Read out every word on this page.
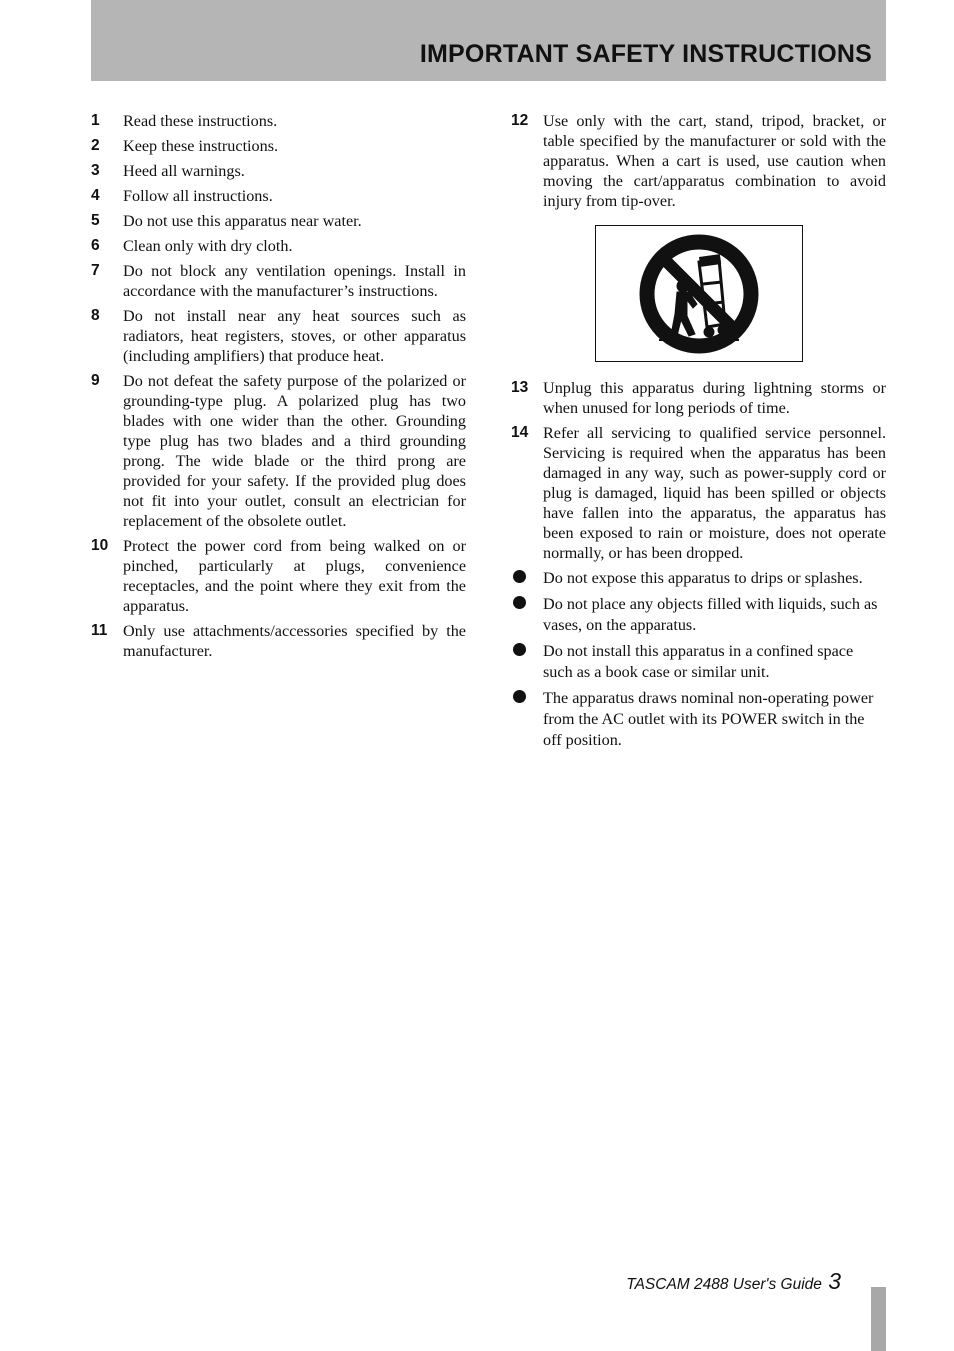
IMPORTANT SAFETY INSTRUCTIONS
1	Read these instructions.
2	Keep these instructions.
3	Heed all warnings.
4	Follow all instructions.
5	Do not use this apparatus near water.
6	Clean only with dry cloth.
7	Do not block any ventilation openings. Install in accordance with the manufacturer’s instructions.
8	Do not install near any heat sources such as radiators, heat registers, stoves, or other apparatus (including amplifiers) that produce heat.
9	Do not defeat the safety purpose of the polarized or grounding-type plug. A polarized plug has two blades with one wider than the other. Grounding type plug has two blades and a third grounding prong. The wide blade or the third prong are provided for your safety. If the provided plug does not fit into your outlet, consult an electrician for replacement of the obsolete outlet.
10 Protect the power cord from being walked on or pinched, particularly at plugs, convenience receptacles, and the point where they exit from the apparatus.
11 Only use attachments/accessories specified by the manufacturer.
12 Use only with the cart, stand, tripod, bracket, or table specified by the manufacturer or sold with the apparatus. When a cart is used, use caution when moving the cart/apparatus combination to avoid injury from tip-over.
13 Unplug this apparatus during lightning storms or when unused for long periods of time.
14 Refer all servicing to qualified service personnel. Servicing is required when the apparatus has been damaged in any way, such as power-supply cord or plug is damaged, liquid has been spilled or objects have fallen into the apparatus, the apparatus has been exposed to rain or moisture, does not operate normally, or has been dropped.
Do not expose this apparatus to drips or splashes.
Do not place any objects filled with liquids, such as vases, on the apparatus.
Do not install this apparatus in a confined space such as a book case or similar unit.
The apparatus draws nominal non-operating power from the AC outlet with its POWER switch in the off position.
TASCAM 2488 User's Guide 3
